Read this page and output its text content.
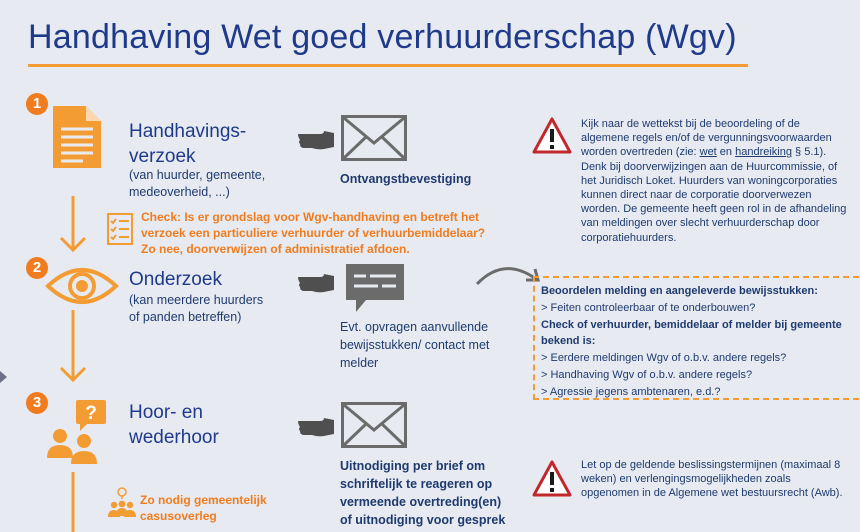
Handhaving Wet goed verhuurderschap (Wgv)
1
Handhavings-
verzoek
(van huurder, gemeente,
medeoverheid, ...)
Ontvangstbevestiging
Check: Is er grondslag voor Wgv-handhaving en betreft het
verzoek een particuliere verhuurder of verhuurbemiddelaar?
Zo nee, doorverwijzen of administratief afdoen.
Kijk naar de wettekst bij de beoordeling of de
algemene regels en/of de vergunningsvoorwaarden
worden overtreden (zie: wet en handreiking § 5.1).
Denk bij doorverwijzingen aan de Huurcommissie, of
het Juridisch Loket. Huurders van woningcorporaties
kunnen direct naar de corporatie doorverwezen
worden. De gemeente heeft geen rol in de afhandeling
van meldingen over slecht verhuurderschap door
corporatiehuurders.
2
Onderzoek
(kan meerdere huurders
of panden betreffen)
Evt. opvragen aanvullende
bewijsstukken/ contact met
melder
Beoordelen melding en aangeleverde bewijsstukken:
> Feiten controleerbaar of te onderbouwen?
Check of verhuurder, bemiddelaar of melder bij gemeente
bekend is:
> Eerdere meldingen Wgv of o.b.v. andere regels?
> Handhaving Wgv of o.b.v. andere regels?
> Agressie jegens ambtenaren, e.d.?
3
? Hoor- en
wederhoor
Uitnodiging per brief om
schriftelijk te reageren op
vermeende overtreding(en)
of uitnodiging voor gesprek
Let op de geldende beslissingstermijnen (maximaal 8
weken) en verlengingsmogelijkheden zoals
opgenomen in de Algemene wet bestuursrecht (Awb).
Zo nodig gemeentelijk
casusoverleg
